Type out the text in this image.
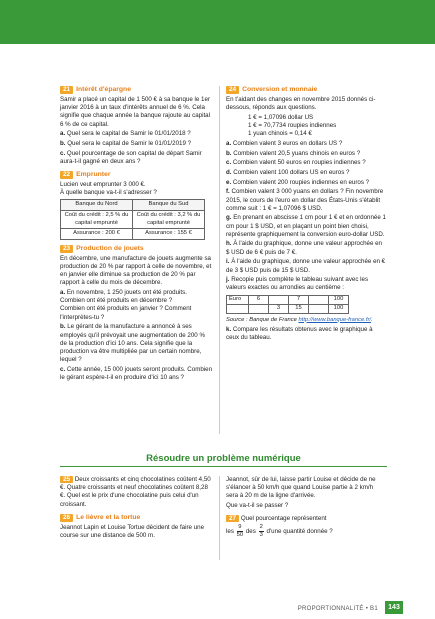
21 Intérêt d'épargne
Samir a placé un capital de 1 500 € à sa banque le 1er janvier 2016 à un taux d'intérêts annuel de 6 %. Cela signifie que chaque année la banque rajoute au capital 6 % de ce capital.
a. Quel sera le capital de Samir le 01/01/2018 ?
b. Quel sera le capital de Samir le 01/01/2019 ?
c. Quel pourcentage de son capital de départ Samir aura-t-il gagné en deux ans ?
22 Emprunter
Lucien veut emprunter 3 000 €.
À quelle banque va-t-il s'adresser ?
Banque du Nord	Banque du Sud
Coût du crédit : 2,5 % du capital emprunté	Coût du crédit : 3,2 % du capital emprunté
Assurance : 200 €	Assurance : 155 €
23 Production de jouets
En décembre, une manufacture de jouets augmente sa production de 20 % par rapport à celle de novembre, et en janvier elle diminue sa production de 20 % par rapport à celle du mois de décembre.
a. En novembre, 1 250 jouets ont été produits. Combien ont été produits en décembre ?
Combien ont été produits en janvier ? Comment l'interprètes-tu ?
b. Le gérant de la manufacture a annoncé à ses employés qu'il prévoyait une augmentation de 200 % de la production d'ici 10 ans. Cela signifie que la production va être multipliée par un certain nombre, lequel ?
c. Cette année, 15 000 jouets seront produits. Combien le gérant espère-t-il en produire d'ici 10 ans ?
24 Conversion et monnaie
En t'aidant des changes en novembre 2015 donnés ci-dessous, réponds aux questions.
1 € = 1,07096 dollar US
1 € = 70,7734 roupies indiennes
1 yuan chinois = 0,14 €
a. Combien valent 3 euros en dollars US ?
b. Combien valent 20,5 yuans chinois en euros ?
c. Combien valent 50 euros en roupies indiennes ?
d. Combien valent 100 dollars US en euros ?
e. Combien valent 200 roupies indiennes en euros ?
f. Combien valent 3 000 yuans en dollars ? Fin novembre 2015, le cours de l'euro en dollar des États-Unis s'établit comme suit : 1 € = 1,07096 $ USD.
g. En prenant en abscisse 1 cm pour 1 € et en ordonnée 1 cm pour 1 $ USD, et en plaçant un point bien choisi, représente graphiquement la conversion euro-dollar USD.
h. À l'aide du graphique, donne une valeur approchée en $ USD de 6 € puis de 7 €.
i. À l'aide du graphique, donne une valeur approchée en € de 3 $ USD puis de 15 $ USD.
j. Recopie puis complète le tableau suivant avec les valeurs exactes ou arrondies au centième :
Euro	6		7		100
		3	15		100
Source : Banque de France http://www.banque-france.fr/.
k. Compare les résultats obtenus avec le graphique à ceux du tableau.
Résoudre un problème numérique
25 Deux croissants et cinq chocolatines coûtent 4,50 €. Quatre croissants et neuf chocolatines coûtent 8,28 €. Quel est le prix d'une chocolatine puis celui d'un croissant.
26 Le lièvre et la tortue
Jeannot Lapin et Louise Tortue décident de faire une course sur une distance de 500 m.
Jeannot, sûr de lui, laisse partir Louise et décide de ne s'élancer à 50 km/h que quand Louise partie à 2 km/h sera à 20 m de la ligne d'arrivée.
Que va-t-il se passer ?
27 Quel pourcentage représentent
les $\frac{9}{50}$ des $\frac{2}{3} d'une$ quantité donnée ?
PROPORTIONNALITÉ • B1	143
